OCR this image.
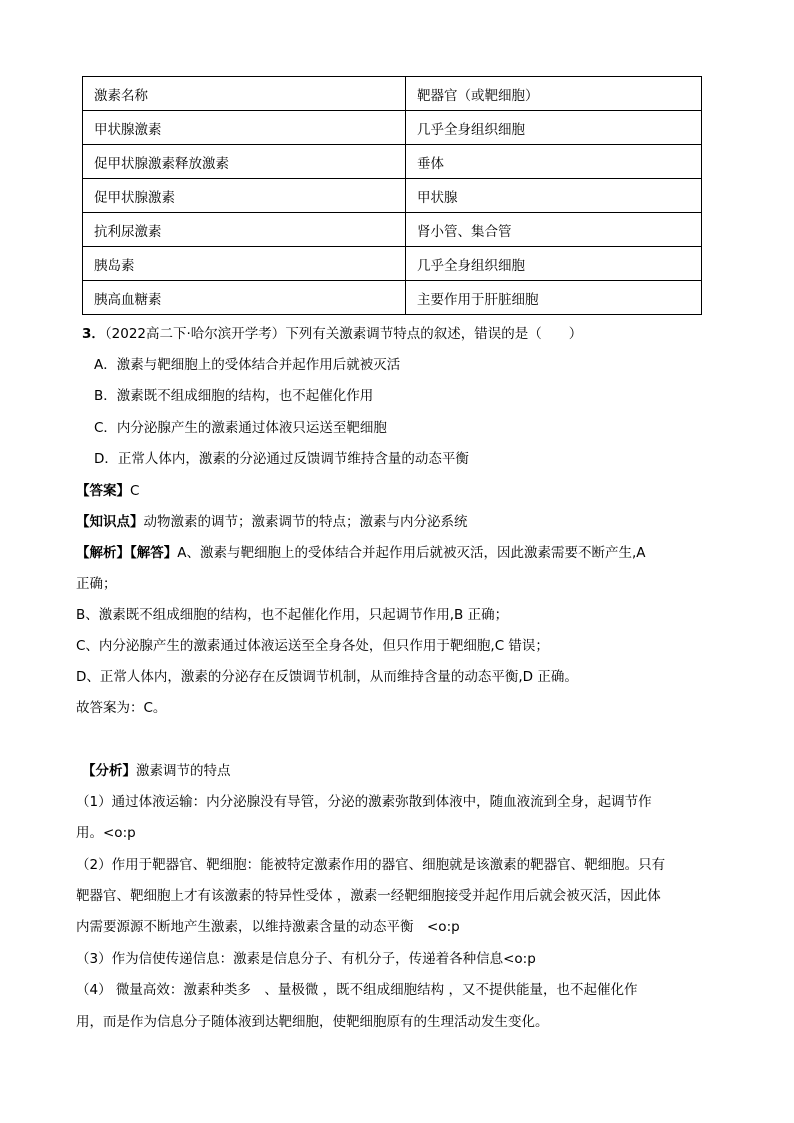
激素名称	靶器官（或靶细胞）
甲状腺激素	几乎全身组织细胞
促甲状腺激素释放激素	垂体
促甲状腺激素	甲状腺
抗利尿激素	肾小管、集合管
胰岛素	几乎全身组织细胞
胰高血糖素	主要作用于肝脏细胞
3．（2022高二下·哈尔滨开学考）下列有关激素调节特点的叙述，错误的是（　　）
A．激素与靶细胞上的受体结合并起作用后就被灭活
B．激素既不组成细胞的结构，也不起催化作用
C．内分泌腺产生的激素通过体液只运送至靶细胞
D．正常人体内，激素的分泌通过反馈调节维持含量的动态平衡
【答案】C
【知识点】动物激素的调节；激素调节的特点；激素与内分泌系统
【解析】【解答】A、激素与靶细胞上的受体结合并起作用后就被灭活，因此激素需要不断产生,A
正确；
B、激素既不组成细胞的结构，也不起催化作用，只起调节作用,B 正确；
C、内分泌腺产生的激素通过体液运送至全身各处，但只作用于靶细胞,C 错误；
D、正常人体内，激素的分泌存在反馈调节机制，从而维持含量的动态平衡,D 正确。
故答案为：C。
【分析】激素调节的特点
（1）通过体液运输：内分泌腺没有导管，分泌的激素弥散到体液中，随血液流到全身，起调节作
用。<o:p
（2）作用于靶器官、靶细胞：能被特定激素作用的器官、细胞就是该激素的靶器官、靶细胞。只有
靶器官、靶细胞上才有该激素的特异性受体 ，激素一经靶细胞接受并起作用后就会被灭活，因此体
内需要源源不断地产生激素，以维持激素含量的动态平衡　<o:p
（3）作为信使传递信息：激素是信息分子、有机分子，传递着各种信息<o:p
（4） 微量高效：激素种类多　、量极微 ，既不组成细胞结构 ，又不提供能量，也不起催化作
用，而是作为信息分子随体液到达靶细胞，使靶细胞原有的生理活动发生变化。
